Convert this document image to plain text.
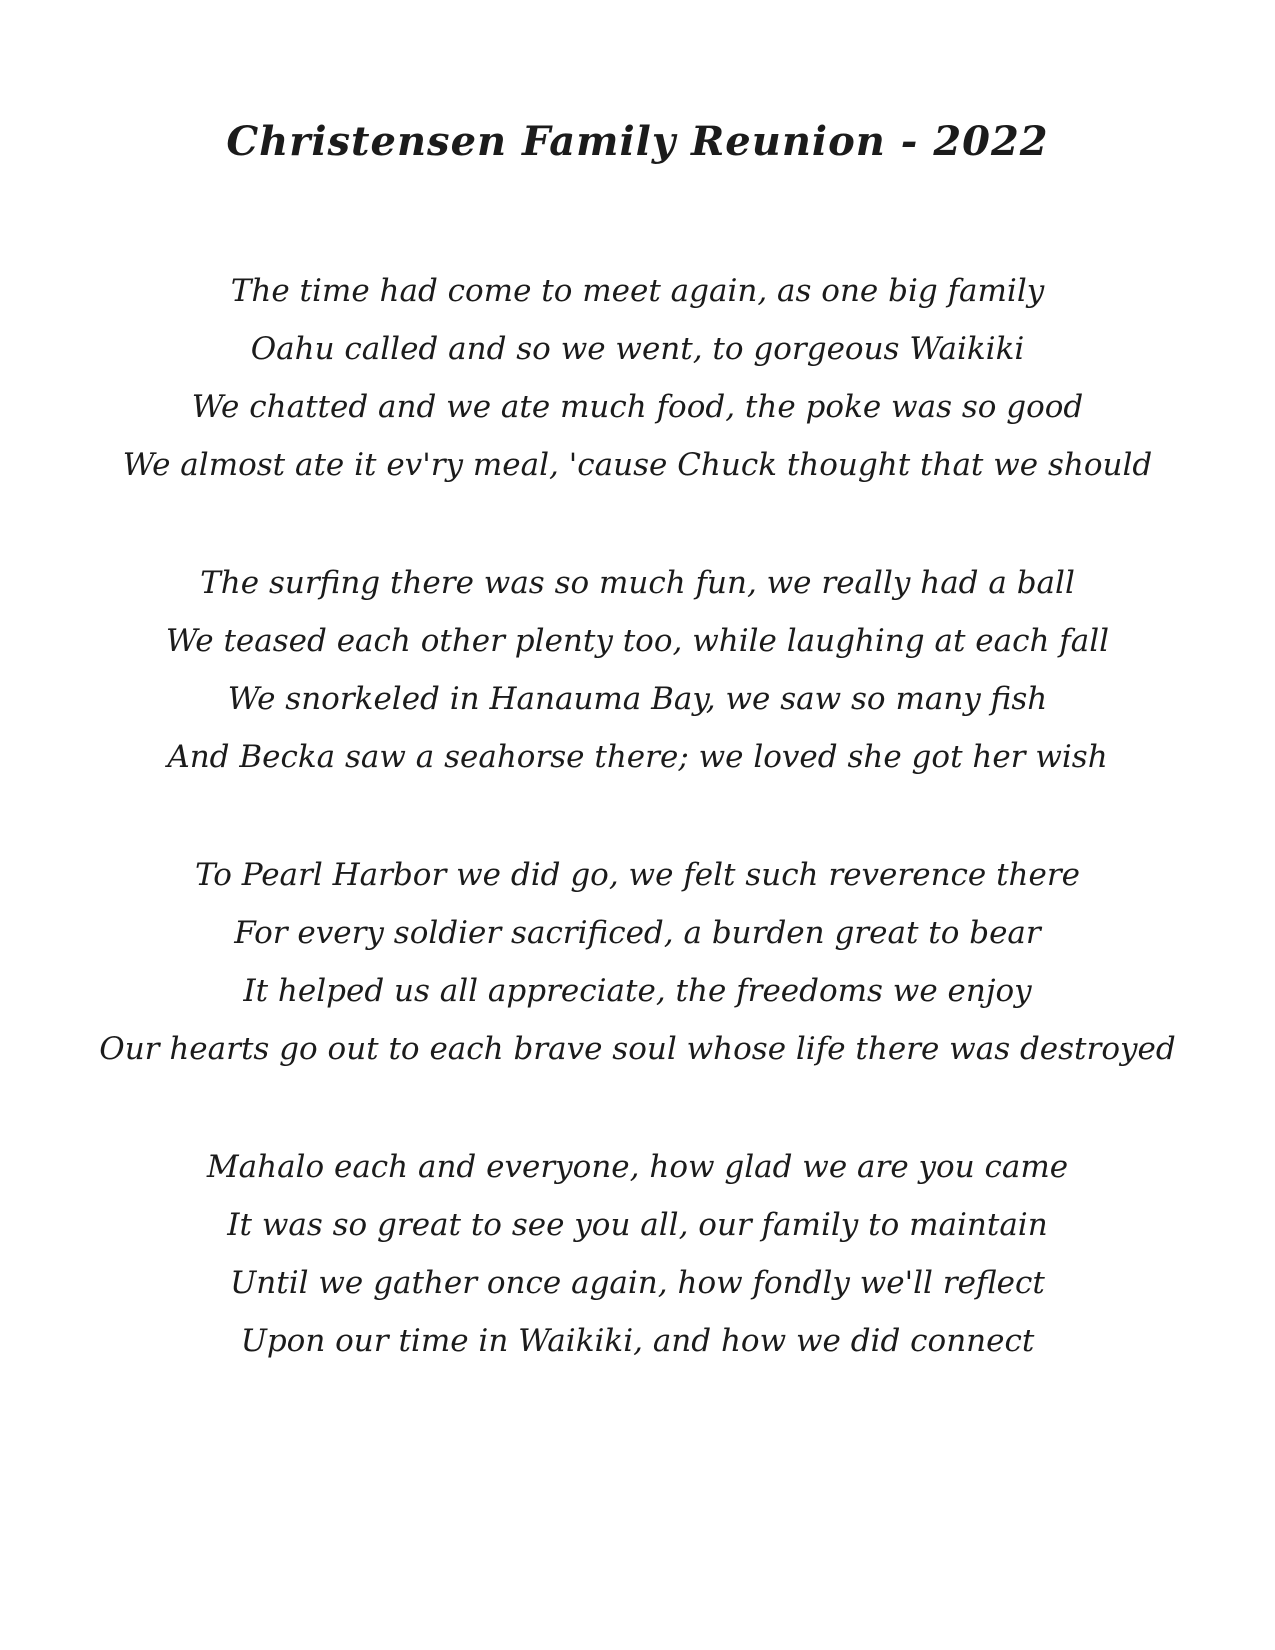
Christensen Family Reunion - 2022
The time had come to meet again, as one big family
Oahu called and so we went, to gorgeous Waikiki
We chatted and we ate much food, the poke was so good
We almost ate it ev'ry meal, 'cause Chuck thought that we should
The surfing there was so much fun, we really had a ball
We teased each other plenty too, while laughing at each fall
We snorkeled in Hanauma Bay, we saw so many fish
And Becka saw a seahorse there; we loved she got her wish
To Pearl Harbor we did go, we felt such reverence there
For every soldier sacrificed, a burden great to bear
It helped us all appreciate, the freedoms we enjoy
Our hearts go out to each brave soul whose life there was destroyed
Mahalo each and everyone, how glad we are you came
It was so great to see you all, our family to maintain
Until we gather once again, how fondly we'll reflect
Upon our time in Waikiki, and how we did connect
